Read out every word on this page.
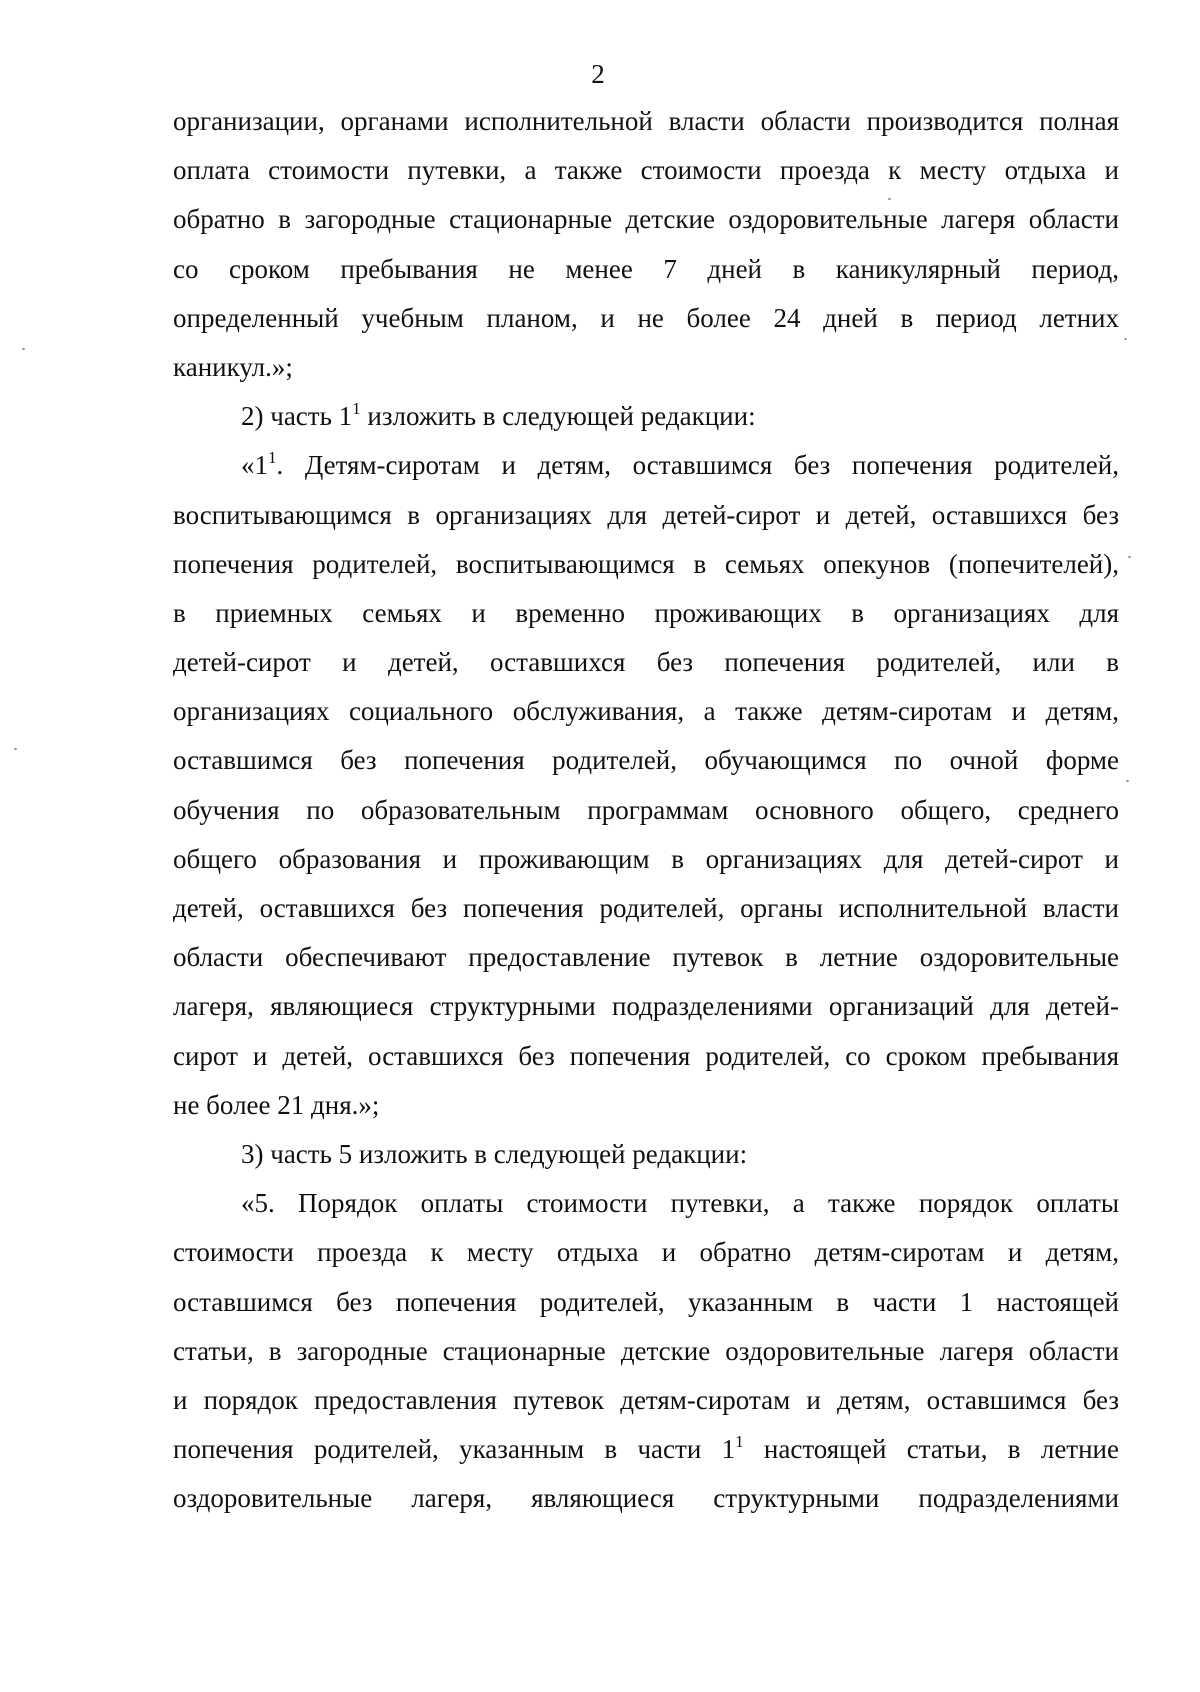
2
организации, органами исполнительной власти области производится полная
оплата стоимости путевки, а также стоимости проезда к месту отдыха и
обратно в загородные стационарные детские оздоровительные лагеря области
со сроком пребывания не менее 7 дней в каникулярный период,
определенный учебным планом, и не более 24 дней в период летних
каникул.»;
2) часть $1^1$ изложить в следующей редакции:
«$1^1$. Детям-сиротам и детям, оставшимся без попечения родителей,
воспитывающимся в организациях для детей-сирот и детей, оставшихся без
попечения родителей, воспитывающимся в семьях опекунов (попечителей),
в приемных семьях и временно проживающих в организациях для
детей-сирот и детей, оставшихся без попечения родителей, или в
организациях социального обслуживания, а также детям-сиротам и детям,
оставшимся без попечения родителей, обучающимся по очной форме
обучения по образовательным программам основного общего, среднего
общего образования и проживающим в организациях для детей-сирот и
детей, оставшихся без попечения родителей, органы исполнительной власти
области обеспечивают предоставление путевок в летние оздоровительные
лагеря, являющиеся структурными подразделениями организаций для детей-
сирот и детей, оставшихся без попечения родителей, со сроком пребывания
не более 21 дня.»;
3) часть 5 изложить в следующей редакции:
«5. Порядок оплаты стоимости путевки, а также порядок оплаты
стоимости проезда к месту отдыха и обратно детям-сиротам и детям,
оставшимся без попечения родителей, указанным в части 1 настоящей
статьи, в загородные стационарные детские оздоровительные лагеря области
и порядок предоставления путевок детям-сиротам и детям, оставшимся без
попечения родителей, указанным в части $1^1$ настоящей статьи, в летние
оздоровительные лагеря, являющиеся структурными подразделениями
